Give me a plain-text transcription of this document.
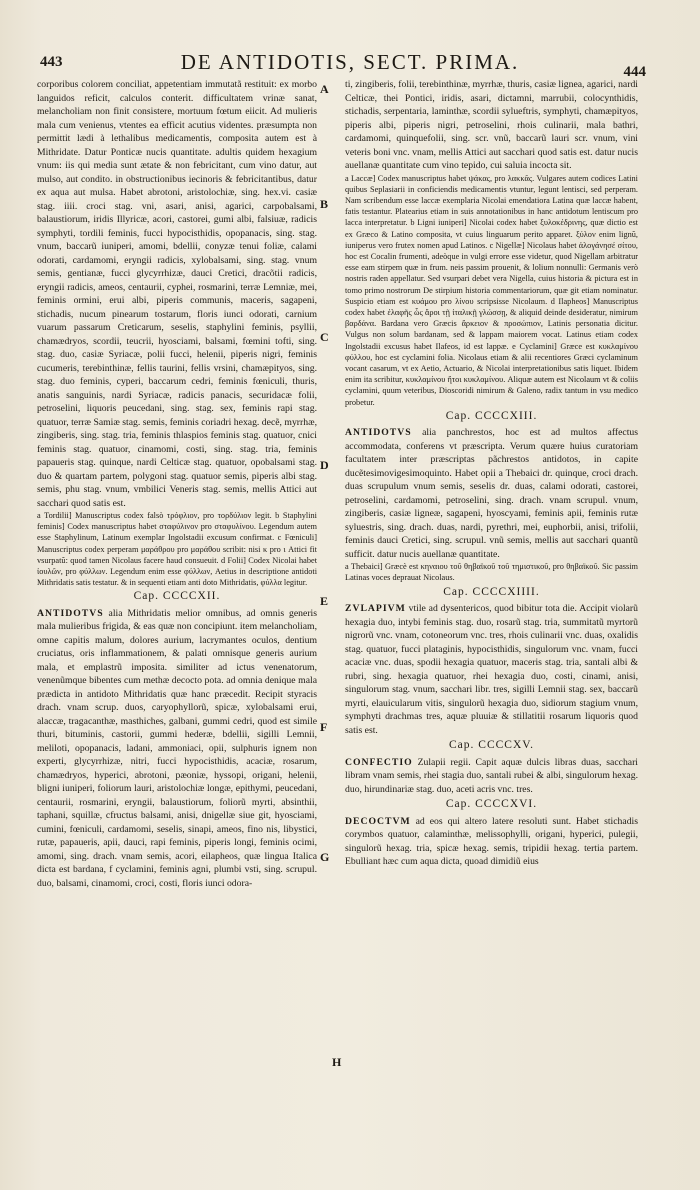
443	DE ANTIDOTIS, SECT. PRIMA.	444
A
B
C
D
E
F
G
H

corporibus colorem conciliat, appetentiam immutatã restituit: ex morbo languidos reficit, calculos conterit. difficultatem vrinæ sanat, melancholiam non finit consistere, mortuum fœtum eiicit. Ad mulieris mala cum venienus, vtentes ea efficit acutius videntes. præsumpta non permittit lædi à lethalibus medicamentis, composita autem est à Mithridate. Datur Ponticæ nucis quantitate. adultis quidem hexagium vnum: iis qui media sunt ætate & non febricitant, cum vino datur, aut mulso, aut condito. in obstructionibus iecinoris & febricitantibus, datur ex aqua aut mulsa. Habet abrotoni, aristolochiæ, sing. hex.vi. casiæ stag. iiii. croci stag. vni, asari, anisi, agarici, carpobalsami, balaustiorum, iridis Illyricæ, acori, castorei, gumi albi, falsiuæ, radicis symphyti, tordili feminis, fucci hypocisthidis, opopanacis, sing. stag. vnum, baccarũ iuniperi, amomi, bdellii, conyzæ tenui foliæ, calami odorati, cardamomi, eryngii radicis, xylobalsami, sing. stag. vnum semis, gentianæ, fucci glycyrrhizæ, dauci Cretici, dracõtii radicis, eryngii radicis, ameos, centaurii, cyphei, rosmarini, terræ Lemniæ, mei, feminis ormini, erui albi, piperis communis, maceris, sagapeni, stichadis, nucum pinearum tostarum, floris iunci odorati, carnium vuarum passarum Creticarum, seselis, staphylini feminis, psyllii, chamædryos, scordii, teucrii, hyosciami, balsami, fœmini tofti, sing. stag. duo, casiæ Syriacæ, polii fucci, helenii, piperis nigri, feminis cucumeris, terebinthinæ, fellis taurini, fellis vrsini, chamæpityos, sing. stag. duo feminis, cyperi, baccarum cedri, feminis fœniculi, thuris, anatis sanguinis, nardi Syriacæ, radicis panacis, securidacæ folii, petroselini, liquoris peucedani, sing. stag. sex, feminis rapi stag. quatuor, terræ Samiæ stag. semis, feminis coriadri hexag. decẽ, myrrhæ, zingiberis, sing. stag. tria, feminis thlaspios feminis stag. quatuor, cnici feminis stag. quatuor, cinamomi, costi, sing. stag. tria, feminis papaueris stag. quinque, nardi Celticæ stag. quatuor, opobalsami stag. duo & quartam partem, polygoni stag. quatuor semis, piperis albi stag. semis, phu stag. vnum, vmbilici Veneris stag. semis, mellis Attici aut sacchari quod satis est.

a Tordilii] Manuscriptus codex falsò τρόφλιον, pro τορδύλιον legit. b Staphylini feminis] Codex manuscriptus habet σταφύλινον pro σταφυλίνου. Legendum autem esse Staphylinum, Latinum exemplar Ingolstadii excusum confirmat. c Fœniculi] Manuscriptus codex perperam μαράθρου pro μαράθου scribit: nisi κ pro ι Attici fit vsurpatũ: quod tamen Nicolaus facere haud consueuit. d Folii] Codex Nicolai habet ἰουλῶν, pro φύλλων. Legendum enim esse φύλλων, Aetius in descriptione antidoti Mithridatis satis testatur. & in sequenti etiam anti doto Mithridatis, φύλλα legitur.

Cap. CCCCXII.

ANTIDOTVS alia Mithridatis melior omnibus, ad omnis generis mala mulieribus frigida, & eas quæ non concipiunt. item melancholiam, omne capitis malum, dolores aurium, lacrymantes oculos, dentium cruciatus, oris inflammationem, & palati omnisque generis aurium mala, et emplastrũ imposita. similiter ad ictus venenatorum, venenũmque bibentes cum methæ decocto pota. ad omnia denique mala prædicta in antidoto Mithridatis quæ hanc præcedit. Recipit styracis drach. vnam scrup. duos, caryophyllorũ, spicæ, xylobalsami erui, alaccæ, tragacanthæ, masthiches, galbani, gummi cedri, quod est simile thuri, bituminis, castorii, gummi hederæ, bdellii, sigilli Lemnii, meliloti, opopanacis, ladani, ammoniaci, opii, sulphuris ignem non experti, glycyrrhizæ, nitri, fucci hypocisthidis, acaciæ, rosarum, chamædryos, hyperici, abrotoni, pæoniæ, hyssopi, origani, helenii, bligni iuniperi, foliorum lauri, aristolochiæ longæ, epithymi, peucedani, centaurii, rosmarini, eryngii, balaustiorum, foliorũ myrti, absinthii, taphani, squillæ, cfructus balsami, anisi, dnigellæ siue git, hyosciami, cumini, fœniculi, cardamomi, seselis, sinapi, ameos, fino nis, libystici, rutæ, papaueris, apii, dauci, rapi feminis, piperis longi, feminis ocimi, amomi, sing. drach. vnam semis, acori, eilapheos, quæ lingua Italica dicta est bardana, f cyclamini, feminis agni, plumbi vsti, sing. scrupul. duo, balsami, cinamomi, croci, costi, floris iunci odora-

ti, zingiberis, folii, terebinthinæ, myrrhæ, thuris, casiæ lignea, agarici, nardi Celticæ, thei Pontici, iridis, asari, dictamni, marrubii, colocynthidis, stichadis, serpentaria, laminthæ, scordii sylueftris, symphyti, chamæpityos, piperis albi, piperis nigri, petroselini, rhois culinarii, mala bathri, cardamomi, quinquefolii, sing. scr. vnũ, baccarũ lauri scr. vnum, vini veteris boni vnc. vnam, mellis Attici aut sacchari quod satis est. datur nucis auellanæ quantitate cum vino tepido, cui saluia incocta sit.

a Laccæ] Codex manuscriptus habet ψάκας, pro λακκᾶς. Vulgares autem codices Latini quibus Seplasiarii in conficiendis medicamentis vtuntur, legunt lentisci, sed perperam. Nam scribendum esse laccæ exemplaria Nicolai emendatiora Latina quæ laccæ habent, fatis testantur. Platearius etiam in suis annotationibus in hanc antidotum lentiscum pro lacca interpretatur. b Ligni iuniperi] Nicolai codex habet ξυλοκέδρινης, quæ dictio est ex Græco & Latino composita, vt cuius linguarum perito apparet. ξύλον enim lignũ, iuniperus vero frutex nomen apud Latinos. c Nigellæ] Nicolaus habet ἀλογάνησέ σίτου, hoc est Cocalin frumenti, adeòque in vulgi errore esse videtur, quod Nigellam arbitratur esse eam stirpem quæ in frum. neis passim prouenit, & lolium nonnulli: Germanis verò nostris raden appellatur. Sed vsurpari debet vera Nigella, cuius historia & pictura est in tomo primo nostrorum De stirpium historia commentariorum, quæ git etiam nominatur. Suspicio etiam est κυάμου pro λίνου scripsisse Nicolaum. d Ilapheos] Manuscriptus codex habet ἐλαφῆς ὧς ἄροι τῇ ἰταλικῇ γλώσσῃ, & aliquid deinde desideratur, nimirum βαρδάνα. Bardana vero Græcis ἄρκειον & προσώπιον, Latinis personatia dicitur. Vulgus non solum bardanam, sed & lappam maiorem vocat. Latinus etiam codex Ingolstadii excusus habet Ilafeos, id est lappæ. e Cyclamini] Græce est κυκλαμίνου φύλλου, hoc est cyclamini folia. Nicolaus etiam & alii recentiores Græci cyclaminum vocant casarum, vt ex Aetio, Actuario, & Nicolai interpretationibus satis liquet. Ibidem enim ita scribitur, κυκλαμίνου ἤτοι κυκλαμίνου. Aliquæ autem est Nicolaum vt & coliis cyclamini, quum veteribus, Dioscoridi nimirum & Galeno, radix tantum in vsu medico probetur.

Cap. CCCCXIII.

ANTIDOTVS alia panchrestos, hoc est ad multos affectus accommodata, conferens vt præscripta. Verum quære huius curatoriam facultatem inter præscriptas pãchrestos antidotos, in capite ducẽtesimovigesimoquinto. Habet opii a Thebaici dr. quinque, croci drach. duas scrupulum vnum semis, seselis dr. duas, calami odorati, castorei, petroselini, cardamomi, petroselini, sing. drach. vnam scrupul. vnum, zingiberis, casiæ ligneæ, sagapeni, hyoscyami, feminis apii, feminis rutæ syluestris, sing. drach. duas, nardi, pyrethri, mei, euphorbii, anisi, trifolii, feminis dauci Cretici, sing. scrupul. vnũ semis, mellis aut sacchari quantũ sufficit. datur nucis auellanæ quantitate.

a Thebaici] Græcè est κηναιου τοῦ θηβαϊκοῦ τοῦ τημιστικοῦ, pro θηβαϊκοῦ. Sic passim Latinas voces deprauat Nicolaus.

Cap. CCCCXIIII.

ZVLAPIVM vtile ad dysentericos, quod bibitur tota die. Accipit violarũ hexagia duo, intybi feminis stag. duo, rosarũ stag. tria, summitatũ myrtorũ nigrorũ vnc. vnam, cotoneorum vnc. tres, rhois culinarii vnc. duas, oxalidis stag. quatuor, fucci plataginis, hypocisthidis, singulorum vnc. vnam, fucci acaciæ vnc. duas, spodii hexagia quatuor, maceris stag. tria, santali albi & rubri, sing. hexagia quatuor, rhei hexagia duo, costi, cinami, anisi, singulorum stag. vnum, sacchari libr. tres, sigilli Lemnii stag. sex, baccarũ myrti, elauicularum vitis, singulorũ hexagia duo, sidiorum stagium vnum, symphyti drachmas tres, aquæ pluuiæ & stillatitii rosarum liquoris quod satis est.

Cap. CCCCXV.

CONFECTIO Zulapii regii. Capit aquæ dulcis libras duas, sacchari libram vnam semis, rhei stagia duo, santali rubei & albi, singulorum hexag. duo, hirundinariæ stag. duo, aceti acris vnc. tres.

Cap. CCCCXVI.

DECOCTVM ad eos qui altero latere resoluti sunt. Habet stichadis corymbos quatuor, calaminthæ, melissophylli, origani, hyperici, pulegii, singulorũ hexag. tria, spicæ hexag. semis, tripidii hexag. tertia partem. Ebulliant hæc cum aqua dicta, quoad dimidiũ eius
